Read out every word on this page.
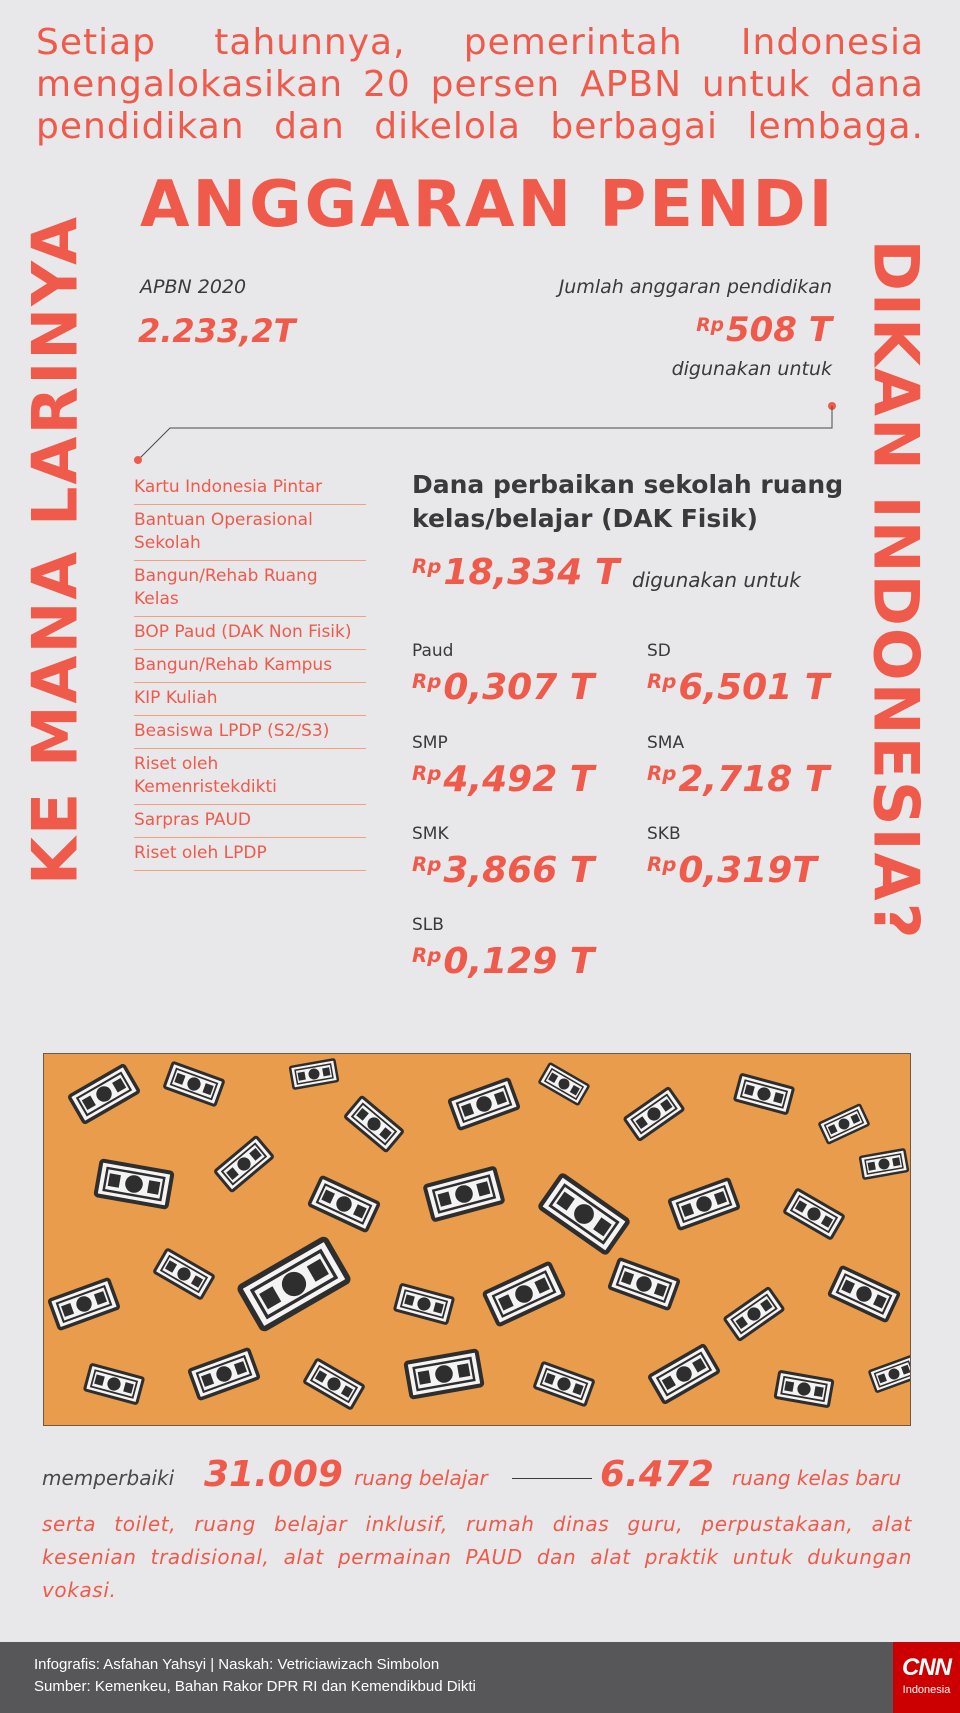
Setiap tahunnya, pemerintah Indonesia mengalokasikan 20 persen APBN untuk dana pendidikan dan dikelola berbagai lembaga.
ANGGARAN PENDI
KE MANA LARINYA	DIKAN INDONESIA?
APBN 2020
2.233,2T
Jumlah anggaran pendidikan
$^{Rp}$508 T
digunakan untuk
Kartu Indonesia Pintar
Bantuan Operasional Sekolah
Bangun/Rehab Ruang Kelas
BOP Paud (DAK Non Fisik)
Bangun/Rehab Kampus
KIP Kuliah
Beasiswa LPDP (S2/S3)
Riset oleh Kemenristekdikti
Sarpras PAUD
Riset oleh LPDP
Dana perbaikan sekolah ruang kelas/belajar (DAK Fisik)
$^{Rp}$18,334 T digunakan untuk
Paud
$^{Rp}$0,307 T
SD
$^{Rp}$6,501 T
SMP
$^{Rp}$4,492 T
SMA
$^{Rp}$2,718 T
SMK
$^{Rp}$3,866 T
SKB
$^{Rp}$0,319T
SLB
$^{Rp}$0,129 T
memperbaiki 31.009 ruang belajar	6.472 ruang kelas baru
serta toilet, ruang belajar inklusif, rumah dinas guru, perpustakaan, alat kesenian tradisional, alat permainan PAUD dan alat praktik untuk dukungan vokasi.
Infografis: Asfahan Yahsyi | Naskah: Vetriciawizach Simbolon
Sumber: Kemenkeu, Bahan Rakor DPR RI dan Kemendikbud Dikti
CNN
Indonesia
